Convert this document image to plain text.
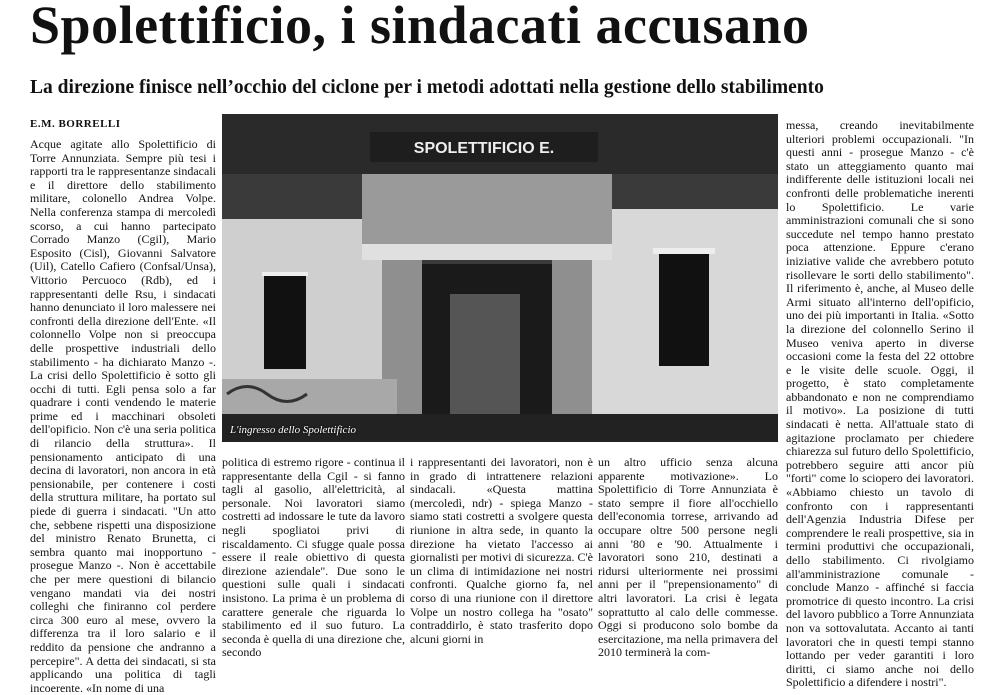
Spolettificio, i sindacati accusano
La direzione finisce nell’occhio del ciclone per i metodi adottati nella gestione dello stabilimento
E.M. BORRELLI

Acque agitate allo Spolettificio di Torre Annunziata. Sempre più tesi i rapporti tra le rappresentanze sindacali e il direttore dello stabilimento militare, colonello Andrea Volpe. Nella conferenza stampa di mercoledì scorso, a cui hanno partecipato Corrado Manzo (Cgil), Mario Esposito (Cisl), Giovanni Salvatore (Uil), Catello Cafiero (Confsal/Unsa), Vittorio Percuoco (Rdb), ed i rappresentanti delle Rsu, i sindacati hanno denunciato il loro malessere nei confronti della direzione dell'Ente. «Il colonnello Volpe non si preoccupa delle prospettive industriali dello stabilimento - ha dichiarato Manzo -. La crisi dello Spolettificio è sotto gli occhi di tutti. Egli pensa solo a far quadrare i conti vendendo le materie prime ed i macchinari obsoleti dell'opificio. Non c'è una seria politica di rilancio della struttura». Il pensionamento anticipato di una decina di lavoratori, non ancora in età pensionabile, per contenere i costi della struttura militare, ha portato sul piede di guerra i sindacati. "Un atto che, sebbene rispetti una disposizione del ministro Renato Brunetta, ci sembra quanto mai inopportuno - prosegue Manzo -. Non è accettabile che per mere questioni di bilancio vengano mandati via dei nostri colleghi che finiranno col perdere circa 300 euro al mese, ovvero la differenza tra il loro salario e il reddito da pensione che andranno a percepire". A detta dei sindacati, si sta applicando una politica di tagli incoerente. «In nome di una

SPOLETTIFICIO E.
L'ingresso dello Spolettificio

politica di estremo rigore - continua il rappresentante della Cgil - si fanno tagli al gasolio, all'elettricità, al personale. Noi lavoratori siamo costretti ad indossare le tute da lavoro negli spogliatoi privi di riscaldamento. Ci sfugge quale possa essere il reale obiettivo di questa direzione aziendale". Due sono le questioni sulle quali i sindacati insistono. La prima è un problema di carattere generale che riguarda lo stabilimento ed il suo futuro. La seconda è quella di una direzione che, secondo

i rappresentanti dei lavoratori, non è in grado di intrattenere relazioni sindacali. «Questa mattina (mercoledì, ndr) - spiega Manzo - siamo stati costretti a svolgere questa riunione in altra sede, in quanto la direzione ha vietato l'accesso ai giornalisti per motivi di sicurezza. C'è un clima di intimidazione nei nostri confronti. Qualche giorno fa, nel corso di una riunione con il direttore Volpe un nostro collega ha "osato" contraddirlo, è stato trasferito dopo alcuni giorni in

un altro ufficio senza alcuna apparente motivazione». Lo Spolettificio di Torre Annunziata è stato sempre il fiore all'occhiello dell'economia torrese, arrivando ad occupare oltre 500 persone negli anni '80 e '90. Attualmente i lavoratori sono 210, destinati a ridursi ulteriormente nei prossimi anni per il "prepensionamento" di altri lavoratori. La crisi è legata soprattutto al calo delle commesse. Oggi si producono solo bombe da esercitazione, ma nella primavera del 2010 terminerà la com-

messa, creando inevitabilmente ulteriori problemi occupazionali. "In questi anni - prosegue Manzo - c'è stato un atteggiamento quanto mai indifferente delle istituzioni locali nei confronti delle problematiche inerenti lo Spolettificio. Le varie amministrazioni comunali che si sono succedute nel tempo hanno prestato poca attenzione. Eppure c'erano iniziative valide che avrebbero potuto risollevare le sorti dello stabilimento". Il riferimento è, anche, al Museo delle Armi situato all'interno dell'opificio, uno dei più importanti in Italia. «Sotto la direzione del colonnello Serino il Museo veniva aperto in diverse occasioni come la festa del 22 ottobre e le visite delle scuole. Oggi, il progetto, è stato completamente abbandonato e non ne comprendiamo il motivo». La posizione di tutti sindacati è netta. All'attuale stato di agitazione proclamato per chiedere chiarezza sul futuro dello Spolettificio, potrebbero seguire atti ancor più "forti" come lo sciopero dei lavoratori. «Abbiamo chiesto un tavolo di confronto con i rappresentanti dell'Agenzia Industria Difese per comprendere le reali prospettive, sia in termini produttivi che occupazionali, dello stabilimento. Ci rivolgiamo all'amministrazione comunale - conclude Manzo - affinché si faccia promotrice di questo incontro. La crisi del lavoro pubblico a Torre Annunziata non va sottovalutata. Accanto ai tanti lavoratori che in questi tempi stanno lottando per veder garantiti i loro diritti, ci siamo anche noi dello Spolettificio a difendere i nostri".
